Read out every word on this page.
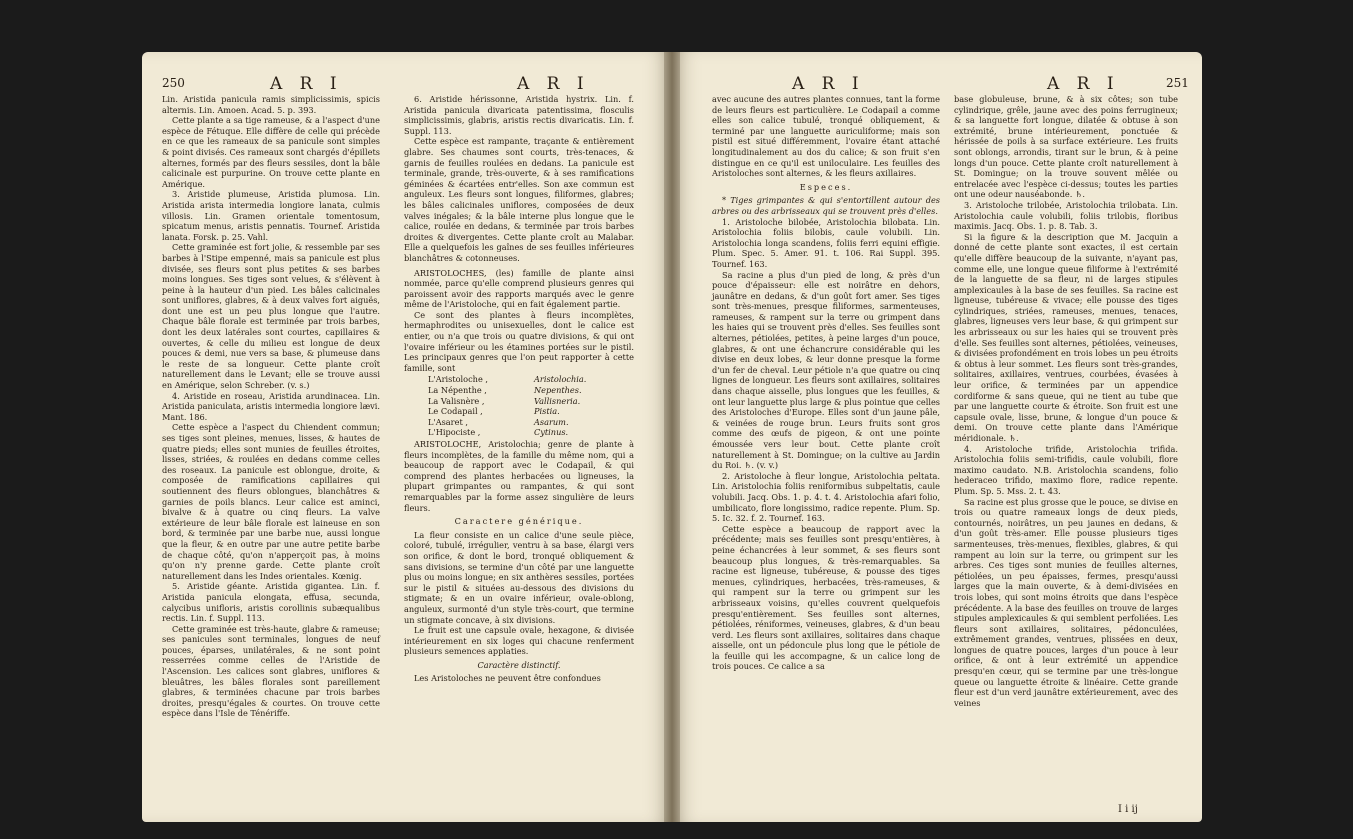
250	A R I	A R I

Lin. Aristida panicula ramis simplicissimis, spicis alternis. Lin. Amoen. Acad. 5. p. 393.

Cette plante a sa tige rameuse, & a l'aspect d'une espèce de Fétuque. Elle diffère de celle qui précède en ce que les rameaux de sa panicule sont simples & point divisés. Ces rameaux sont chargés d'épillets alternes, formés par des fleurs sessiles, dont la bâle calicinale est purpurine. On trouve cette plante en Amérique.

3. Aristide plumeuse, Aristida plumosa. Lin. Aristida arista intermedia longiore lanata, culmis villosis. Lin. Gramen orientale tomentosum, spicatum menus, aristis pennatis. Tournef. Aristida lanata. Forsk. p. 25. Vahl.

Cette graminée est fort jolie, & ressemble par ses barbes à l'Stipe empenné, mais sa panicule est plus divisée, ses fleurs sont plus petites & ses barbes moins longues. Ses tiges sont velues, & s'élèvent à peine à la hauteur d'un pied. Les bâles calicinales sont uniflores, glabres, & à deux valves fort aiguës, dont une est un peu plus longue que l'autre. Chaque bâle florale est terminée par trois barbes, dont les deux latérales sont courtes, capillaires & ouvertes, & celle du milieu est longue de deux pouces & demi, nue vers sa base, & plumeuse dans le reste de sa longueur. Cette plante croît naturellement dans le Levant; elle se trouve aussi en Amérique, selon Schreber. (v. s.)

4. Aristide en roseau, Aristida arundinacea. Lin. Aristida paniculata, aristis intermedia longiore lævi. Mant. 186.

Cette espèce a l'aspect du Chiendent commun; ses tiges sont pleines, menues, lisses, & hautes de quatre pieds; elles sont munies de feuilles étroites, lisses, striées, & roulées en dedans comme celles des roseaux. La panicule est oblongue, droite, & composée de ramifications capillaires qui soutiennent des fleurs oblongues, blanchâtres & garnies de poils blancs. Leur calice est aminci, bivalve & à quatre ou cinq fleurs. La valve extérieure de leur bâle florale est laineuse en son bord, & terminée par une barbe nue, aussi longue que la fleur, & en outre par une autre petite barbe de chaque côté, qu'on n'apperçoit pas, à moins qu'on n'y prenne garde. Cette plante croît naturellement dans les Indes orientales. Kœnig.

5. Aristide géante. Aristida gigantea. Lin. f. Aristida panicula elongata, effusa, secunda, calycibus unifloris, aristis corollinis subæqualibus rectis. Lin. f. Suppl. 113.

Cette graminée est très-haute, glabre & rameuse; ses panicules sont terminales, longues de neuf pouces, éparses, unilatérales, & ne sont point resserrées comme celles de l'Aristide de l'Ascension. Les calices sont glabres, uniflores & bleuâtres, les bâles florales sont pareillement glabres, & terminées chacune par trois barbes droites, presqu'égales & courtes. On trouve cette espèce dans l'Isle de Ténériffe.

6. Aristide hérissonne, Aristida hystrix. Lin. f. Aristida panicula divaricata patentissima, flosculis simplicissimis, glabris, aristis rectis divaricatis. Lin. f. Suppl. 113.

Cette espèce est rampante, traçante & entièrement glabre. Ses chaumes sont courts, très-tenaces, & garnis de feuilles roulées en dedans. La panicule est terminale, grande, très-ouverte, & à ses ramifications géminées & écartées entr'elles. Son axe commun est anguleux. Les fleurs sont longues, filiformes, glabres; les bâles calicinales uniflores, composées de deux valves inégales; & la bâle interne plus longue que le calice, roulée en dedans, & terminée par trois barbes droites & divergentes. Cette plante croît au Malabar. Elle a quelquefois les gaînes de ses feuilles inférieures blanchâtres & cotonneuses.

ARISTOLOCHES, (les) famille de plante ainsi nommée, parce qu'elle comprend plusieurs genres qui paroissent avoir des rapports marqués avec le genre même de l'Aristoloche, qui en fait également partie.

Ce sont des plantes à fleurs incomplètes, hermaphrodites ou unisexuelles, dont le calice est entier, ou n'a que trois ou quatre divisions, & qui ont l'ovaire inférieur ou les étamines portées sur le pistil. Les principaux genres que l'on peut rapporter à cette famille, sont

L'Aristoloche ,	Aristolochia.
La Népenthe ,	Nepenthes.
La Valisnère ,	Vallisneria.
Le Codapail ,	Pistia.
L'Asaret ,	Asarum.
L'Hipociste ,	Cytinus.

ARISTOLOCHE, Aristolochia; genre de plante à fleurs incomplètes, de la famille du même nom, qui a beaucoup de rapport avec le Codapail, & qui comprend des plantes herbacées ou ligneuses, la plupart grimpantes ou rampantes, & qui sont remarquables par la forme assez singulière de leurs fleurs.

Caractere générique.

La fleur consiste en un calice d'une seule pièce, coloré, tubulé, irrégulier, ventru à sa base, élargi vers son orifice, & dont le bord, tronqué obliquement & sans divisions, se termine d'un côté par une languette plus ou moins longue; en six anthères sessiles, portées sur le pistil & situées au-dessous des divisions du stigmate; & en un ovaire inférieur, ovale-oblong, anguleux, surmonté d'un style très-court, que termine un stigmate concave, à six divisions.

Le fruit est une capsule ovale, hexagone, & divisée intérieurement en six loges qui chacune renferment plusieurs semences applaties.

Caractère distinctif.

Les Aristoloches ne peuvent être confondues

A R I	A R I	251

avec aucune des autres plantes connues, tant la forme de leurs fleurs est particulière. Le Codapail a comme elles son calice tubulé, tronqué obliquement, & terminé par une languette auriculiforme; mais son pistil est situé différemment, l'ovaire étant attaché longitudinalement au dos du calice; & son fruit s'en distingue en ce qu'il est uniloculaire. Les feuilles des Aristoloches sont alternes, & les fleurs axillaires.

Especes.

* Tiges grimpantes & qui s'entortillent autour des arbres ou des arbrisseaux qui se trouvent près d'elles.

1. Aristoloche bilobée, Aristolochia bilobata. Lin. Aristolochia foliis bilobis, caule volubili. Lin. Aristolochia longa scandens, foliis ferri equini effigie. Plum. Spec. 5. Amer. 91. t. 106. Rai Suppl. 395. Tournef. 163.

Sa racine a plus d'un pied de long, & près d'un pouce d'épaisseur: elle est noirâtre en dehors, jaunâtre en dedans, & d'un goût fort amer. Ses tiges sont très-menues, presque filiformes, sarmenteuses, rameuses, & rampent sur la terre ou grimpent dans les haies qui se trouvent près d'elles. Ses feuilles sont alternes, pétiolées, petites, à peine larges d'un pouce, glabres, & ont une échancrure considérable qui les divise en deux lobes, & leur donne presque la forme d'un fer de cheval. Leur pétiole n'a que quatre ou cinq lignes de longueur. Les fleurs sont axillaires, solitaires dans chaque aisselle, plus longues que les feuilles, & ont leur languette plus large & plus pointue que celles des Aristoloches d'Europe. Elles sont d'un jaune pâle, & veinées de rouge brun. Leurs fruits sont gros comme des œufs de pigeon, & ont une pointe émoussée vers leur bout. Cette plante croît naturellement à St. Domingue; on la cultive au Jardin du Roi. ♄. (v. v.)

2. Aristoloche à fleur longue, Aristolochia peltata. Lin. Aristolochia foliis reniformibus subpeltatis, caule volubili. Jacq. Obs. 1. p. 4. t. 4. Aristolochia afari folio, umbilicato, flore longissimo, radice repente. Plum. Sp. 5. Ic. 32. f. 2. Tournef. 163.

Cette espèce a beaucoup de rapport avec la précédente; mais ses feuilles sont presqu'entières, à peine échancrées à leur sommet, & ses fleurs sont beaucoup plus longues, & très-remarquables. Sa racine est ligneuse, tubéreuse, & pousse des tiges menues, cylindriques, herbacées, très-rameuses, & qui rampent sur la terre ou grimpent sur les arbrisseaux voisins, qu'elles couvrent quelquefois presqu'entièrement. Ses feuilles sont alternes, pétiolées, réniformes, veineuses, glabres, & d'un beau verd. Les fleurs sont axillaires, solitaires dans chaque aisselle, ont un pédoncule plus long que le pétiole de la feuille qui les accompagne, & un calice long de trois pouces. Ce calice a sa

base globuleuse, brune, & à six côtes; son tube cylindrique, grêle, jaune avec des poins ferrugineux; & sa languette fort longue, dilatée & obtuse à son extrémité, brune intérieurement, ponctuée & hérissée de poils à sa surface extérieure. Les fruits sont oblongs, arrondis, tirant sur le brun, & à peine longs d'un pouce. Cette plante croît naturellement à St. Domingue; on la trouve souvent mêlée ou entrelacée avec l'espèce ci-dessus; toutes les parties ont une odeur nauséabonde. ♄.

3. Aristoloche trilobée, Aristolochia trilobata. Lin. Aristolochia caule volubili, foliis trilobis, floribus maximis. Jacq. Obs. 1. p. 8. Tab. 3.

Si la figure & la description que M. Jacquin a donné de cette plante sont exactes, il est certain qu'elle diffère beaucoup de la suivante, n'ayant pas, comme elle, une longue queue filiforme à l'extrémité de la languette de sa fleur, ni de larges stipules amplexicaules à la base de ses feuilles. Sa racine est ligneuse, tubéreuse & vivace; elle pousse des tiges cylindriques, striées, rameuses, menues, tenaces, glabres, ligneuses vers leur base, & qui grimpent sur les arbrisseaux ou sur les haies qui se trouvent près d'elle. Ses feuilles sont alternes, pétiolées, veineuses, & divisées profondément en trois lobes un peu étroits & obtus à leur sommet. Les fleurs sont très-grandes, solitaires, axillaires, ventrues, courbées, évasées à leur orifice, & terminées par un appendice cordiforme & sans queue, qui ne tient au tube que par une languette courte & étroite. Son fruit est une capsule ovale, lisse, brune, & longue d'un pouce & demi. On trouve cette plante dans l'Amérique méridionale. ♄.

4. Aristoloche trifide, Aristolochia trifida. Aristolochia foliis semi-trifidis, caule volubili, flore maximo caudato. N.B. Aristolochia scandens, folio hederaceo trifido, maximo flore, radice repente. Plum. Sp. 5. Mss. 2. t. 43.

Sa racine est plus grosse que le pouce, se divise en trois ou quatre rameaux longs de deux pieds, contournés, noirâtres, un peu jaunes en dedans, & d'un goût très-amer. Elle pousse plusieurs tiges sarmenteuses, très-menues, flexibles, glabres, & qui rampent au loin sur la terre, ou grimpent sur les arbres. Ces tiges sont munies de feuilles alternes, pétiolées, un peu épaisses, fermes, presqu'aussi larges que la main ouverte, & à demi-divisées en trois lobes, qui sont moins étroits que dans l'espèce précédente. A la base des feuilles on trouve de larges stipules amplexicaules & qui semblent perfoliées. Les fleurs sont axillaires, solitaires, pédonculées, extrêmement grandes, ventrues, plissées en deux, longues de quatre pouces, larges d'un pouce à leur orifice, & ont à leur extrémité un appendice presqu'en cœur, qui se termine par une très-longue queue ou languette étroite & linéaire. Cette grande fleur est d'un verd jaunâtre extérieurement, avec des veines

I i ij
